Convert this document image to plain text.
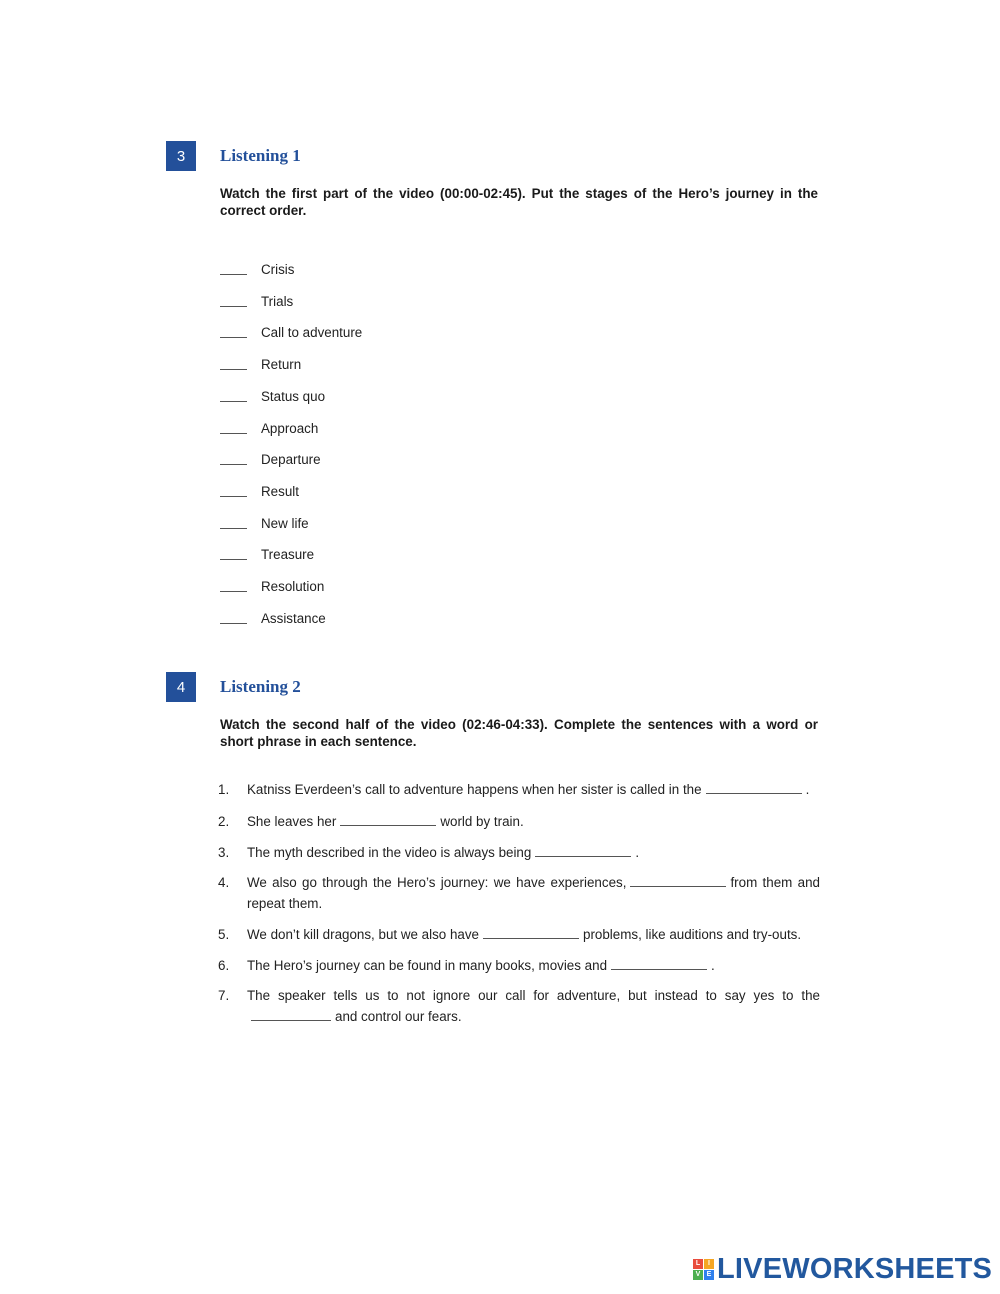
3	Listening 1
Watch the first part of the video (00:00-02:45). Put the stages of the Hero’s journey in the correct order.
Crisis
Trials
Call to adventure
Return
Status quo
Approach
Departure
Result
New life
Treasure
Resolution
Assistance
4	Listening 2
Watch the second half of the video (02:46-04:33). Complete the sentences with a word or short phrase in each sentence.
1. Katniss Everdeen’s call to adventure happens when her sister is called in the	.
2. She leaves her	world by train.
3. The myth described in the video is always being	.
4. We also go through the Hero’s journey: we have experiences,	from them and repeat them.
5. We don’t kill dragons, but we also have	problems, like auditions and try-outs.
6. The Hero’s journey can be found in many books, movies and	.
7. The speaker tells us to not ignore our call for adventure, but instead to say yes to theand control our fears.
L	I
V E LIVEWORKSHEETS
